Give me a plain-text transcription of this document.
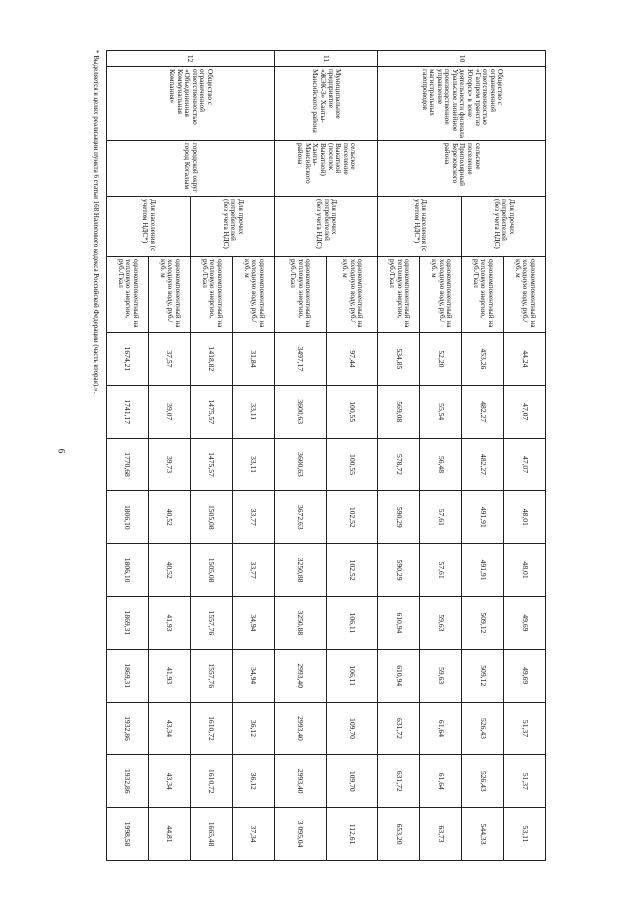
6
10	Общество с ограниченной ответственностью «Газпром трансгаз Югорск» в зоне деятельности филиала Уральское линейное производственное управление магистральных газопроводов	сельское поселение Приполярный Березовского района	Для прочих потребителей (без учета НДС)	однокомпонентный на холодную воду, руб./куб. м	44,24	47,07	47,07	48,01	48,01	49,69	49,69	51,37	51,37	53,11
				однокомпонентный на тепловую энергию, руб./Гкал	453,26	482,27	482,27	491,91	491,91	509,12	509,12	526,43	526,43	544,33
			Для населения (с учетом НДС*)	однокомпонентный на холодную воду, руб./куб. м	52,20	55,54	56,48	57,61	57,61	59,63	59,63	61,64	61,64	63,73
				однокомпонентный на тепловую энергию, руб./Гкал	534,85	569,08	578,72	590,29	590,29	610,94	610,94	631,72	631,72	653,20
11	Муниципальное предприятие «ЖЭК-3» Ханты-Мансийского района	сельское поселение Выкатной (поселок Выкатной) Ханты-Мансийского района	Для прочих потребителей (без учета НДС)	однокомпонентный на холодную воду, руб./куб. м	97,44	100,55	100,55	102,52	102,52	106,11	106,11	109,70	109,70	112,61
				однокомпонентный на тепловую энергию, руб./Гкал	3497,17	3600,63	3600,63	3672,63	3250,88	3250,88	2993,40	2993,40	2993,40	3 095,04
12	Общество с ограниченной ответственностью «Объединенная Коммунальная Компания»	городской округ город Когалым	Для прочих потребителей (без учета НДС)	однокомпонентный на холодную воду, руб./куб. м	31,84	33,11	33,11	33,77	33,77	34,94	34,94	36,12	36,12	37,34
				однокомпонентный на тепловую энергию, руб./Гкал	1418,82	1475,57	1475,57	1505,08	1505,08	1557,76	1557,76	1610,72	1610,72	1665,48
			Для населения (с учетом НДС*)	однокомпонентный на холодную воду, руб./куб. м	37,57	39,07	39,73	40,52	40,52	41,93	41,93	43,34	43,34	44,81
				однокомпонентный на тепловую энергию, руб./Гкал	1674,21	1741,17	1770,68	1806,10	1806,10	1869,31	1869,31	1932,86	1932,86	1998,58
* Выделяется в целях реализации пункта 6 статьи 168 Налогового кодекса Российской Федерации (часть вторая).».
